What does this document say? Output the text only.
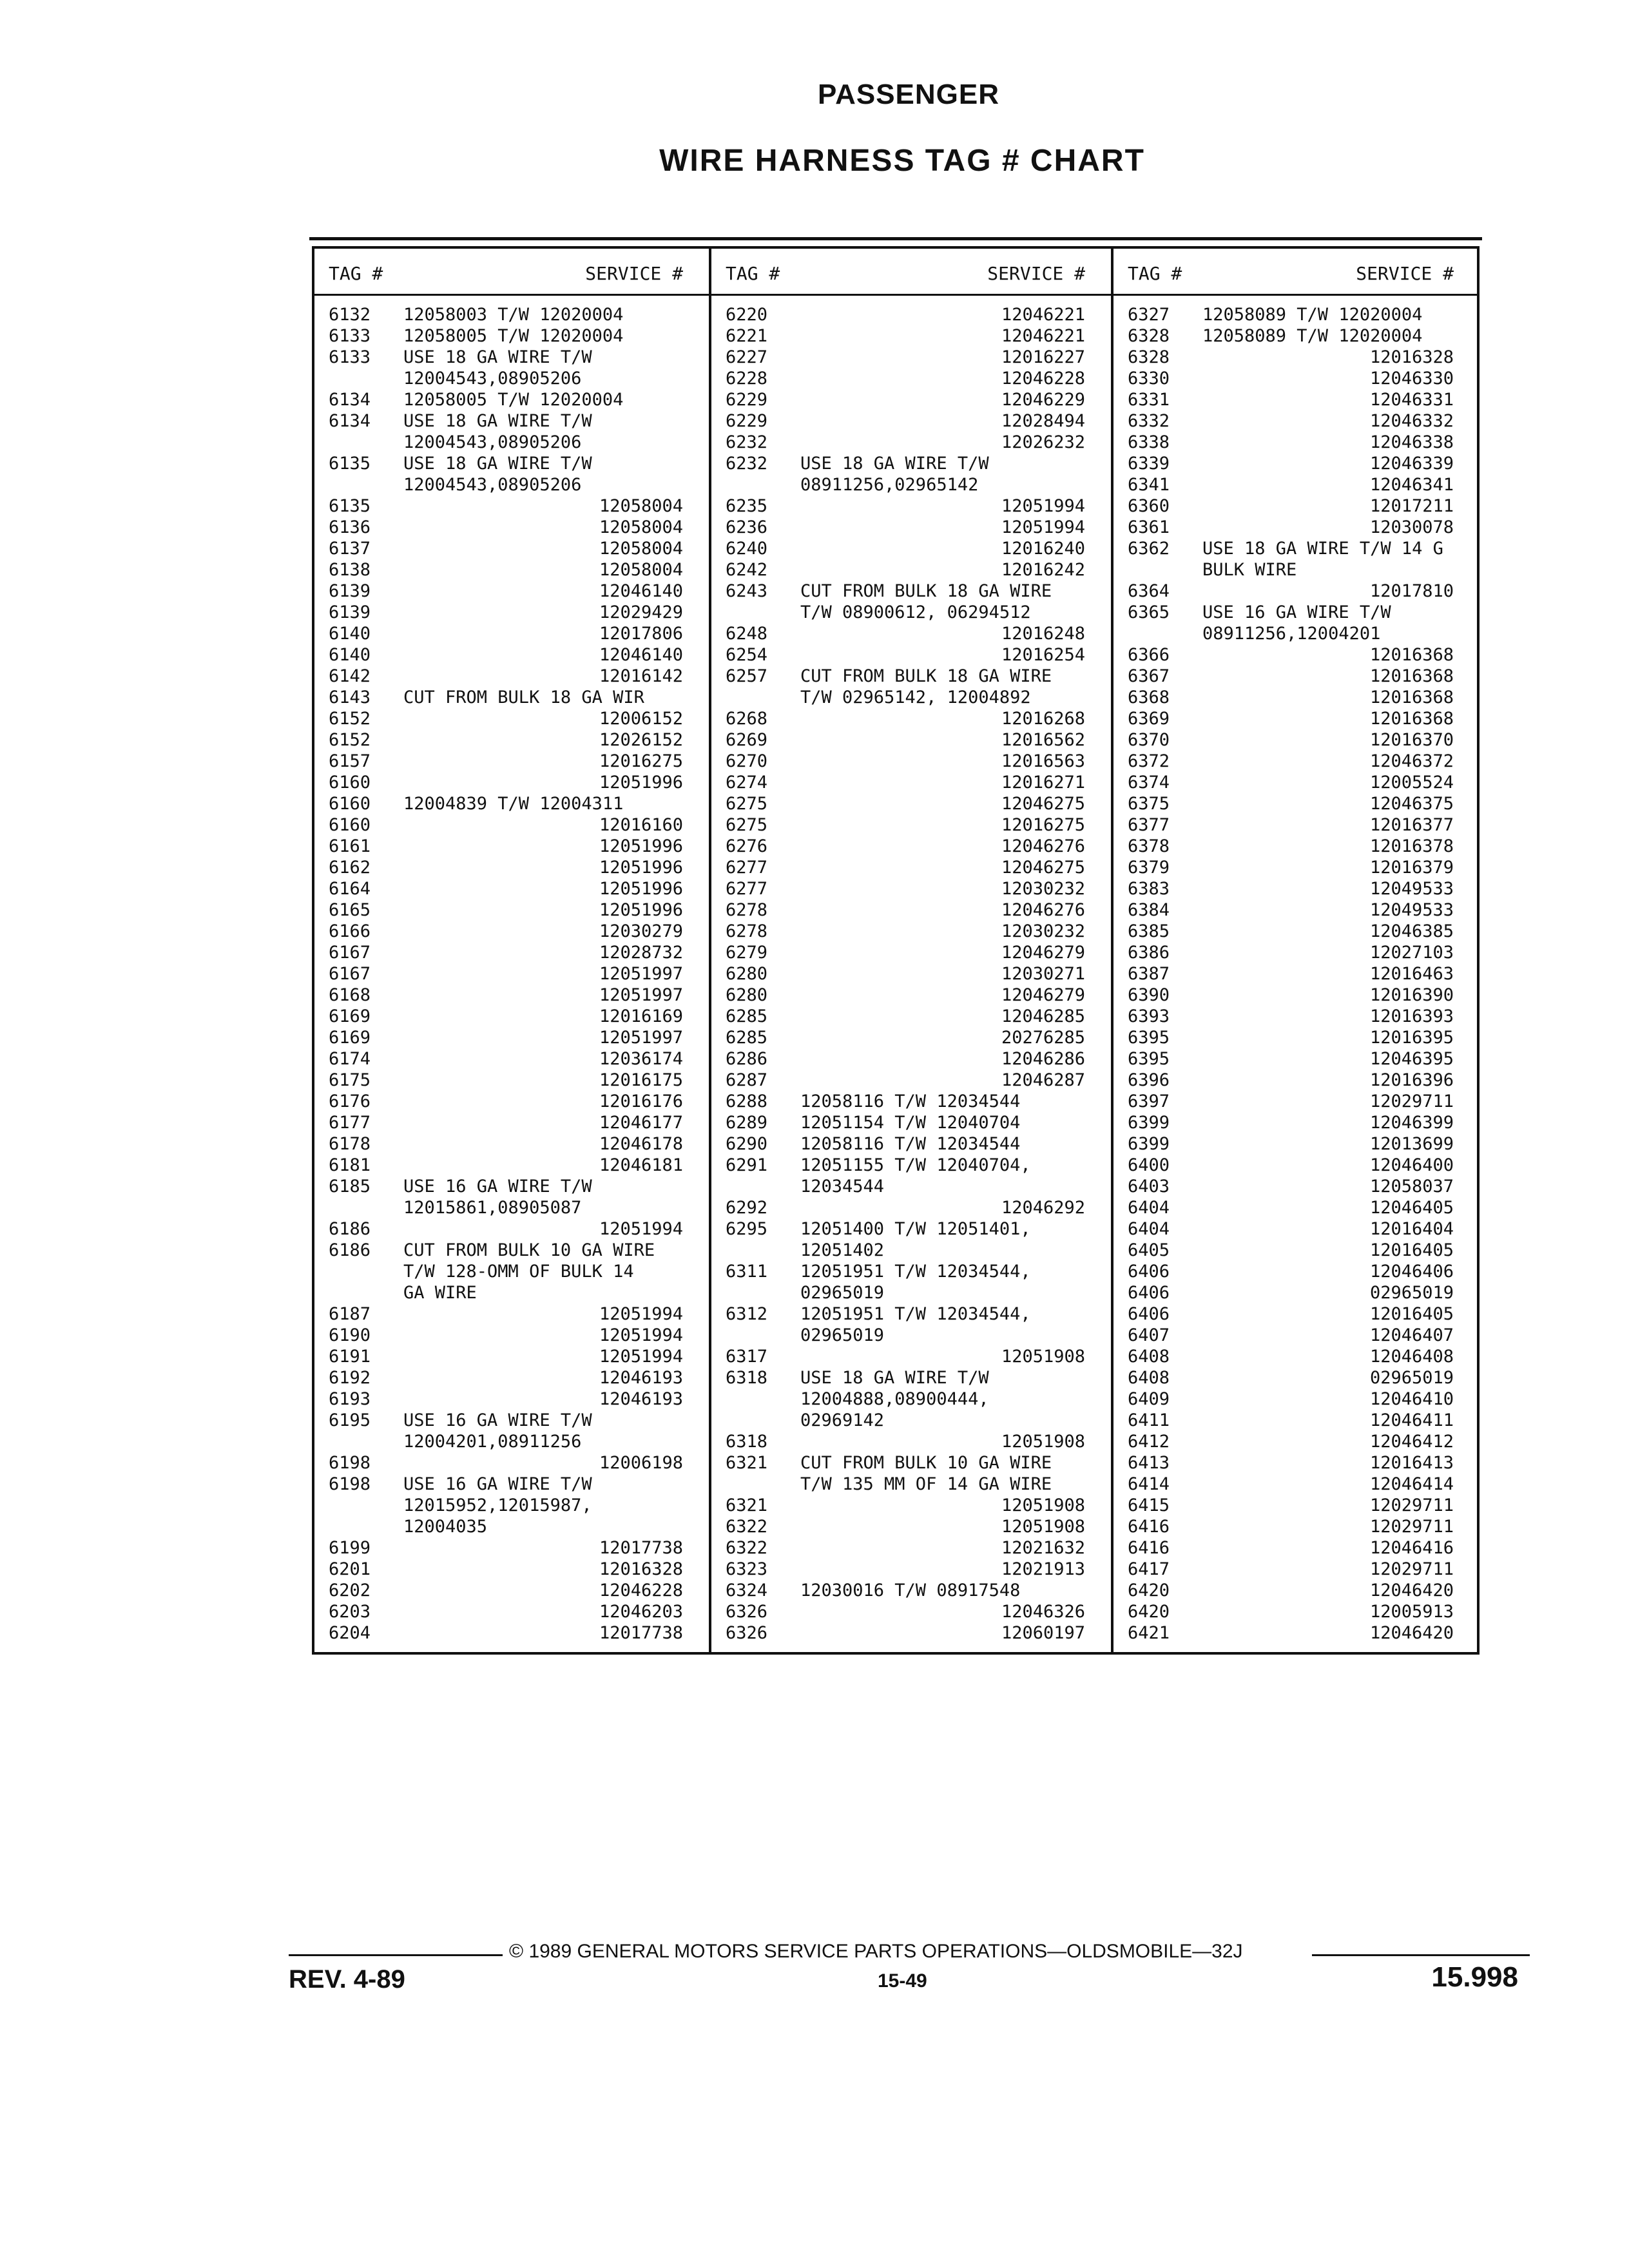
PASSENGER
WIRE HARNESS TAG # CHART
TAG #	SERVICE #
6132 12058003 T/W 12020004
6133 12058005 T/W 12020004
6133 USE 18 GA WIRE T/W
12004543,08905206
6134 12058005 T/W 12020004
6134 USE 18 GA WIRE T/W
12004543,08905206
6135 USE 18 GA WIRE T/W
12004543,08905206
6135	12058004
6136	12058004
6137	12058004
6138	12058004
6139	12046140
6139	12029429
6140	12017806
6140	12046140
6142	12016142
6143 CUT FROM BULK 18 GA WIR
6152	12006152
6152	12026152
6157	12016275
6160	12051996
6160 12004839 T/W 12004311
6160	12016160
6161	12051996
6162	12051996
6164	12051996
6165	12051996
6166	12030279
6167	12028732
6167	12051997
6168	12051997
6169	12016169
6169	12051997
6174	12036174
6175	12016175
6176	12016176
6177	12046177
6178	12046178
6181	12046181
6185 USE 16 GA WIRE T/W
12015861,08905087
6186	12051994
6186 CUT FROM BULK 10 GA WIRE
T/W 128-OMM OF BULK 14
GA WIRE
6187	12051994
6190	12051994
6191	12051994
6192	12046193
6193	12046193
6195 USE 16 GA WIRE T/W
12004201,08911256
6198	12006198
6198 USE 16 GA WIRE T/W
12015952,12015987,
12004035
6199	12017738
6201	12016328
6202	12046228
6203	12046203
6204	12017738
TAG #	SERVICE #
6220	12046221
6221	12046221
6227	12016227
6228	12046228
6229	12046229
6229	12028494
6232	12026232
6232 USE 18 GA WIRE T/W
08911256,02965142
6235	12051994
6236	12051994
6240	12016240
6242	12016242
6243 CUT FROM BULK 18 GA WIRE
T/W 08900612, 06294512
6248	12016248
6254	12016254
6257 CUT FROM BULK 18 GA WIRE
T/W 02965142, 12004892
6268	12016268
6269	12016562
6270	12016563
6274	12016271
6275	12046275
6275	12016275
6276	12046276
6277	12046275
6277	12030232
6278	12046276
6278	12030232
6279	12046279
6280	12030271
6280	12046279
6285	12046285
6285	20276285
6286	12046286
6287	12046287
6288 12058116 T/W 12034544
6289 12051154 T/W 12040704
6290 12058116 T/W 12034544
6291 12051155 T/W 12040704,
12034544
6292	12046292
6295 12051400 T/W 12051401,
12051402
6311 12051951 T/W 12034544,
02965019
6312 12051951 T/W 12034544,
02965019
6317	12051908
6318 USE 18 GA WIRE T/W
12004888,08900444,
02969142
6318	12051908
6321 CUT FROM BULK 10 GA WIRE
T/W 135 MM OF 14 GA WIRE
6321	12051908
6322	12051908
6322	12021632
6323	12021913
6324 12030016 T/W 08917548
6326	12046326
6326	12060197
TAG #	SERVICE #
6327 12058089 T/W 12020004
6328 12058089 T/W 12020004
6328	12016328
6330	12046330
6331	12046331
6332	12046332
6338	12046338
6339	12046339
6341	12046341
6360	12017211
6361	12030078
6362 USE 18 GA WIRE T/W 14 G
BULK WIRE
6364	12017810
6365 USE 16 GA WIRE T/W
08911256,12004201
6366	12016368
6367	12016368
6368	12016368
6369	12016368
6370	12016370
6372	12046372
6374	12005524
6375	12046375
6377	12016377
6378	12016378
6379	12016379
6383	12049533
6384	12049533
6385	12046385
6386	12027103
6387	12016463
6390	12016390
6393	12016393
6395	12016395
6395	12046395
6396	12016396
6397	12029711
6399	12046399
6399	12013699
6400	12046400
6403	12058037
6404	12046405
6404	12016404
6405	12016405
6406	12046406
6406	02965019
6406	12016405
6407	12046407
6408	12046408
6408	02965019
6409	12046410
6411	12046411
6412	12046412
6413	12016413
6414	12046414
6415	12029711
6416	12029711
6416	12046416
6417	12029711
6420	12046420
6420	12005913
6421	12046420
© 1989 GENERAL MOTORS SERVICE PARTS OPERATIONS—OLDSMOBILE—32J
REV. 4-89	15-49	15.998
